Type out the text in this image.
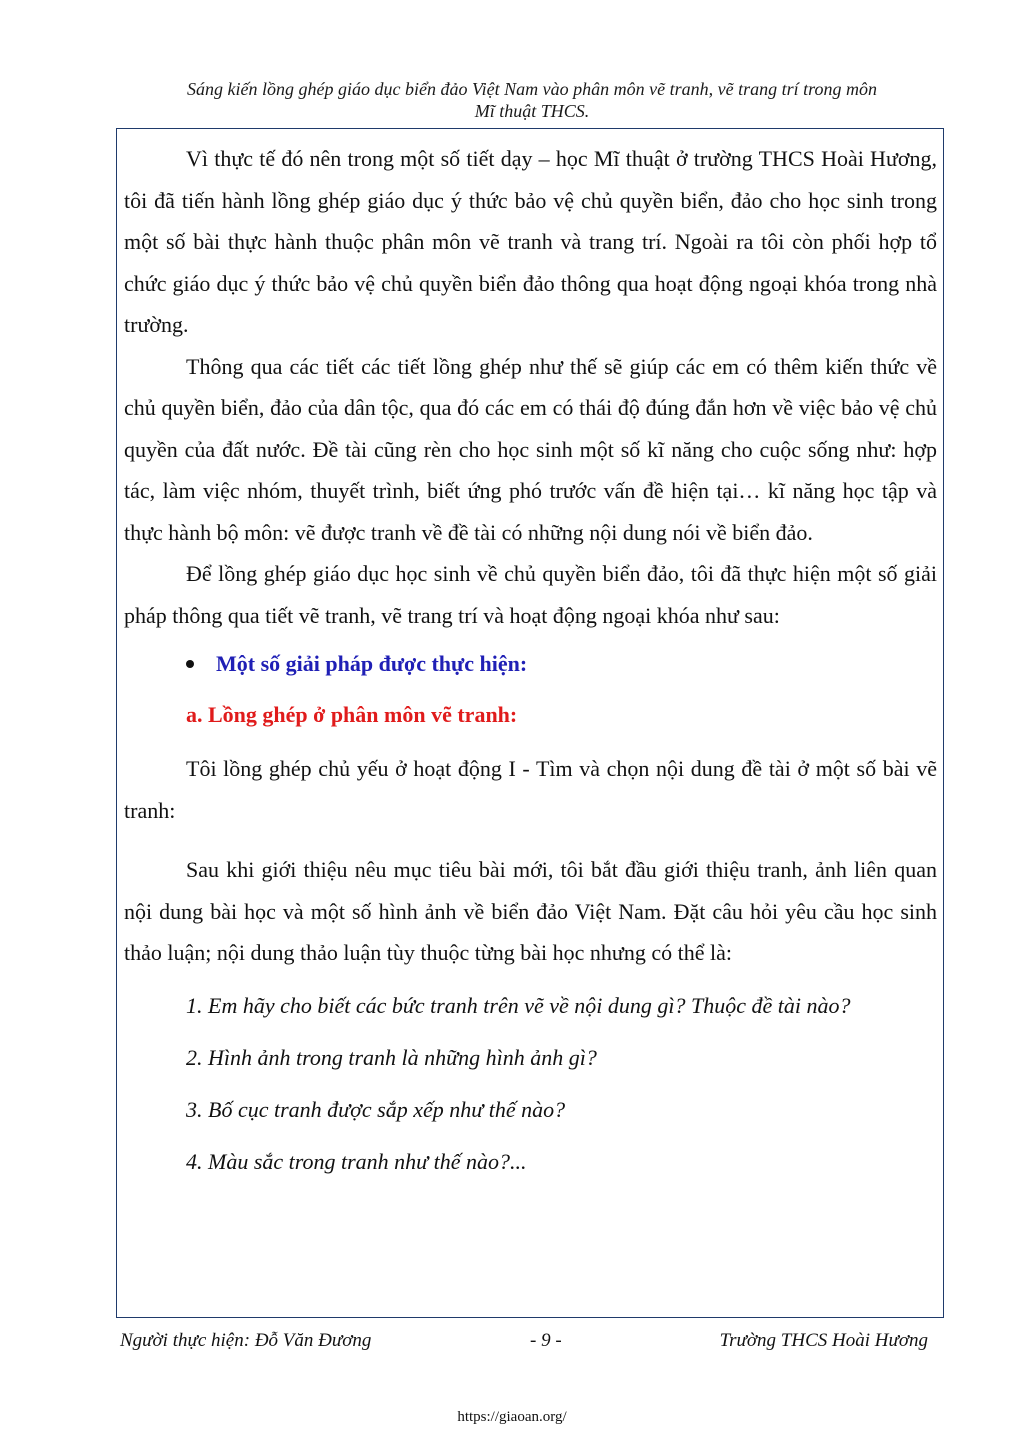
Sáng kiến lồng ghép giáo dục biển đảo Việt Nam vào phân môn vẽ tranh, vẽ trang trí trong môn
Mĩ thuật THCS.

Vì thực tế đó nên trong một số tiết dạy – học Mĩ thuật ở trường THCS Hoài Hương, tôi đã tiến hành lồng ghép giáo dục ý thức bảo vệ chủ quyền biển, đảo cho học sinh trong một số bài thực hành thuộc phân môn vẽ tranh và trang trí. Ngoài ra tôi còn phối hợp tổ chức giáo dục ý thức bảo vệ chủ quyền biển đảo thông qua hoạt động ngoại khóa trong nhà trường.

Thông qua các tiết các tiết lồng ghép như thế sẽ giúp các em có thêm kiến thức về chủ quyền biển, đảo của dân tộc, qua đó các em có thái độ đúng đắn hơn về việc bảo vệ chủ quyền của đất nước. Đề tài cũng rèn cho học sinh một số kĩ năng cho cuộc sống như: hợp tác, làm việc nhóm, thuyết trình, biết ứng phó trước vấn đề hiện tại… kĩ năng học tập và thực hành bộ môn: vẽ được tranh về đề tài có những nội dung nói về biển đảo.

Để lồng ghép giáo dục học sinh về chủ quyền biển đảo, tôi đã thực hiện một số giải pháp thông qua tiết vẽ tranh, vẽ trang trí và hoạt động ngoại khóa như sau:

Một số giải pháp được thực hiện:
a. Lồng ghép ở phân môn vẽ tranh:

Tôi lồng ghép chủ yếu ở hoạt động I - Tìm và chọn nội dung đề tài ở một số bài vẽ tranh:

Sau khi giới thiệu nêu mục tiêu bài mới, tôi bắt đầu giới thiệu tranh, ảnh liên quan nội dung bài học và một số hình ảnh về biển đảo Việt Nam. Đặt câu hỏi yêu cầu học sinh thảo luận; nội dung thảo luận tùy thuộc từng bài học nhưng có thể là:

1. Em hãy cho biết các bức tranh trên vẽ về nội dung gì? Thuộc đề tài nào?
2. Hình ảnh trong tranh là những hình ảnh gì?
3. Bố cục tranh được sắp xếp như thế nào?
4. Màu sắc trong tranh như thế nào?...
Người thực hiện: Đỗ Văn Đương	- 9 -	Trường THCS Hoài Hương
https://giaoan.org/
